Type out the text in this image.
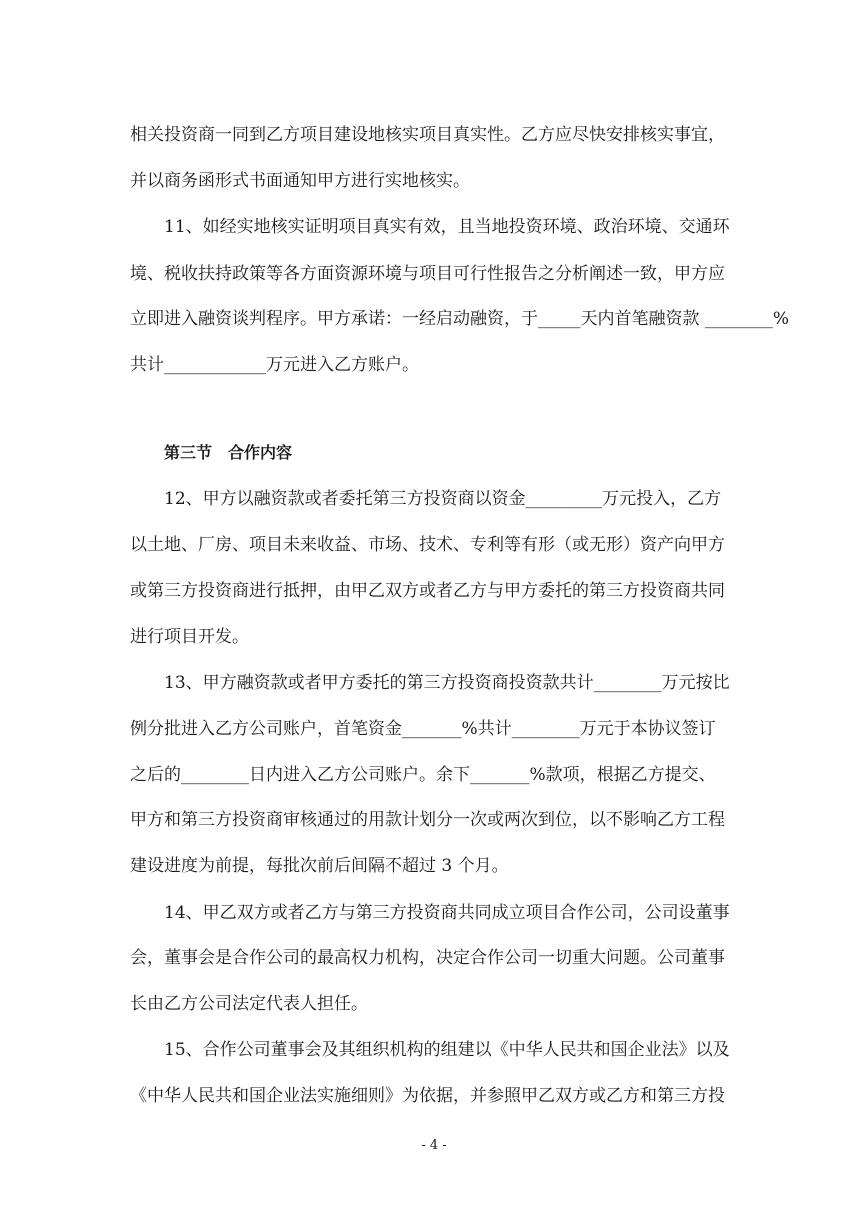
相关投资商一同到乙方项目建设地核实项目真实性。乙方应尽快安排核实事宜，
并以商务函形式书面通知甲方进行实地核实。
11、如经实地核实证明项目真实有效，且当地投资环境、政治环境、交通环
境、税收扶持政策等各方面资源环境与项目可行性报告之分析阐述一致，甲方应
立即进入融资谈判程序。甲方承诺：一经启动融资，于_____天内首笔融资款 ________%
共计____________万元进入乙方账户。
第三节　合作内容
12、甲方以融资款或者委托第三方投资商以资金_________万元投入，乙方
以土地、厂房、项目未来收益、市场、技术、专利等有形（或无形）资产向甲方
或第三方投资商进行抵押，由甲乙双方或者乙方与甲方委托的第三方投资商共同
进行项目开发。
13、甲方融资款或者甲方委托的第三方投资商投资款共计________万元按比
例分批进入乙方公司账户，首笔资金_______%共计________万元于本协议签订
之后的________日内进入乙方公司账户。余下_______%款项，根据乙方提交、
甲方和第三方投资商审核通过的用款计划分一次或两次到位，以不影响乙方工程
建设进度为前提，每批次前后间隔不超过 3 个月。
14、甲乙双方或者乙方与第三方投资商共同成立项目合作公司，公司设董事
会，董事会是合作公司的最高权力机构，决定合作公司一切重大问题。公司董事
长由乙方公司法定代表人担任。
15、合作公司董事会及其组织机构的组建以《中华人民共和国企业法》以及
《中华人民共和国企业法实施细则》为依据，并参照甲乙双方或乙方和第三方投
- 4 -
